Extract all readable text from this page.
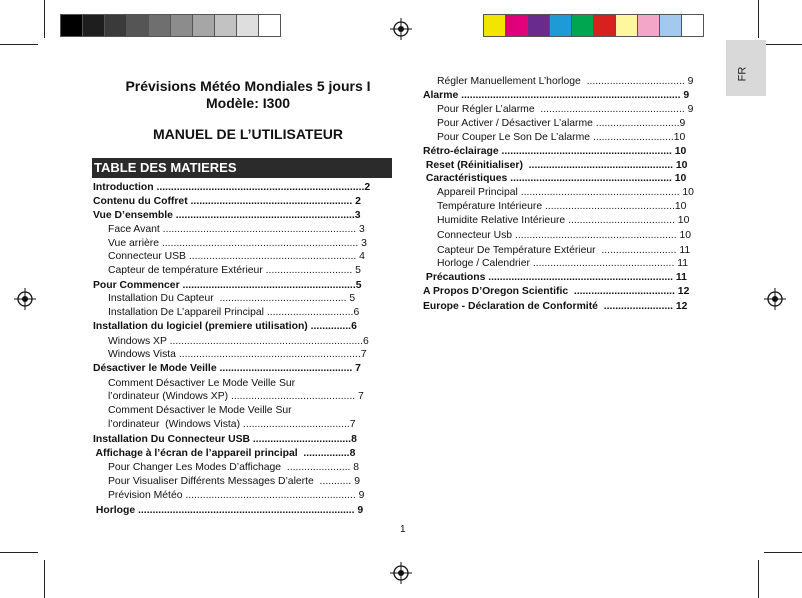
FR
Prévisions Météo Mondiales 5 jours I
Modèle: I300
MANUEL DE L’UTILISATEUR
TABLE DES MATIERES
Introduction ........................................................................2
Contenu du Coffret ........................................................ 2
Vue D’ensemble ..............................................................3
Face Avant ................................................................... 3
Vue arrière .................................................................... 3
Connecteur USB .......................................................... 4
Capteur de température Extérieur .............................. 5
Pour Commencer ............................................................5
Installation Du Capteur  ............................................ 5
Installation De L’appareil Principal ..............................6
Installation du logiciel (premiere utilisation) ..............6
Windows XP ...................................................................6
Windows Vista ...............................................................7
Désactiver le Mode Veille .............................................. 7
Comment Désactiver Le Mode Veille Sur
l’ordinateur (Windows XP) ........................................... 7
Comment Désactiver le Mode Veille Sur
l’ordinateur  (Windows Vista) .....................................7
Installation Du Connecteur USB ..................................8
Affichage à l’écran de l’appareil principal  ................8
Pour Changer Les Modes D’affichage  ...................... 8
Pour Visualiser Différents Messages D’alerte  ........... 9
Prévision Météo ........................................................... 9
Horloge ........................................................................... 9
Régler Manuellement L’horloge  .................................. 9
Alarme ............................................................................ 9
Pour Régler L’alarme  .................................................. 9
Pour Activer / Désactiver L’alarme .............................9
Pour Couper Le Son De L’alarme ............................10
Rétro-éclairage ........................................................... 10
Reset (Réinitialiser)  .................................................. 10
Caractéristiques ........................................................ 10
Appareil Principal ....................................................... 10
Température Intérieure .............................................10
Humidite Relative Intérieure ..................................... 10
Connecteur Usb ........................................................ 10
Capteur De Température Extérieur  .......................... 11
Horloge / Calendrier ................................................. 11
Précautions ................................................................ 11
A Propos D’Oregon Scientific  ................................... 12
Europe - Déclaration de Conformité  ........................ 12
1
